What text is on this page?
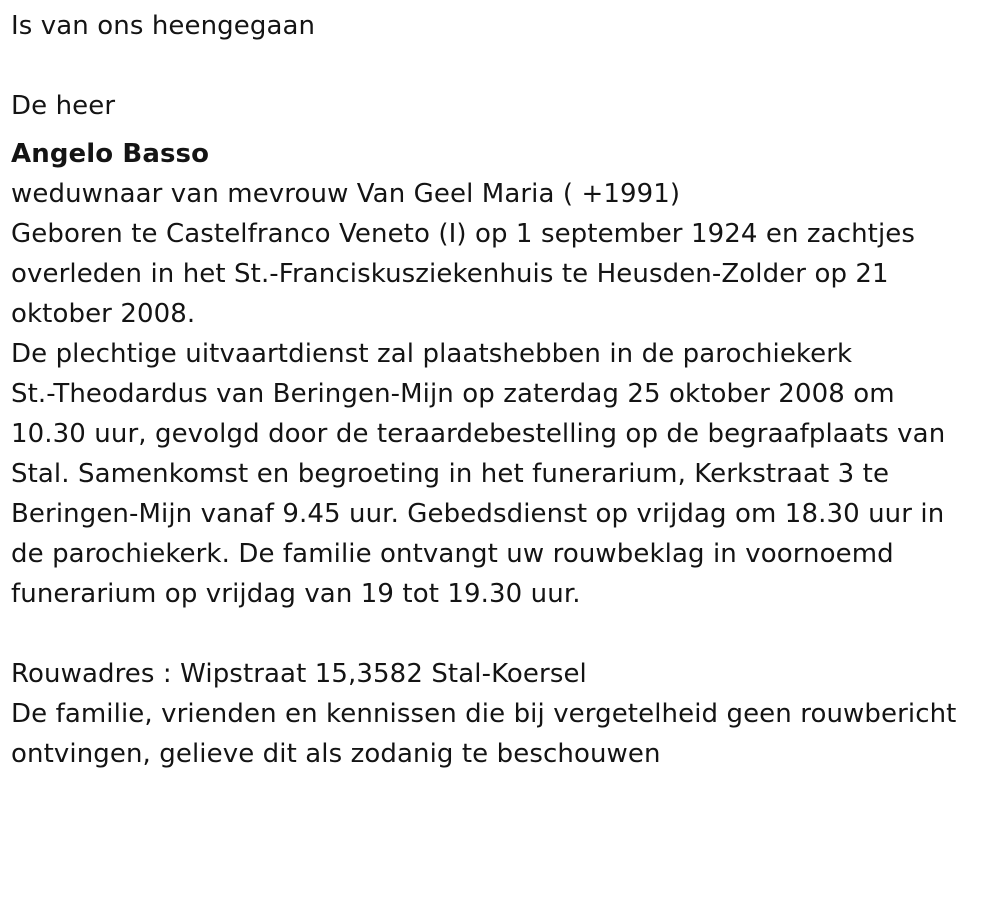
Is van ons heengegaan
De heer
Angelo Basso
weduwnaar van mevrouw Van Geel Maria ( +1991)
Geboren te Castelfranco Veneto (I) op 1 september 1924 en zachtjes
overleden in het St.-Franciskusziekenhuis te Heusden-Zolder op 21
oktober 2008.
De plechtige uitvaartdienst zal plaatshebben in de parochiekerk
St.-Theodardus van Beringen-Mijn op zaterdag 25 oktober 2008 om
10.30 uur, gevolgd door de teraardebestelling op de begraafplaats van
Stal. Samenkomst en begroeting in het funerarium, Kerkstraat 3 te
Beringen-Mijn vanaf 9.45 uur. Gebedsdienst op vrijdag om 18.30 uur in
de parochiekerk. De familie ontvangt uw rouwbeklag in voornoemd
funerarium op vrijdag van 19 tot 19.30 uur.
Rouwadres : Wipstraat 15,3582 Stal-Koersel
De familie, vrienden en kennissen die bij vergetelheid geen rouwbericht
ontvingen, gelieve dit als zodanig te beschouwen
